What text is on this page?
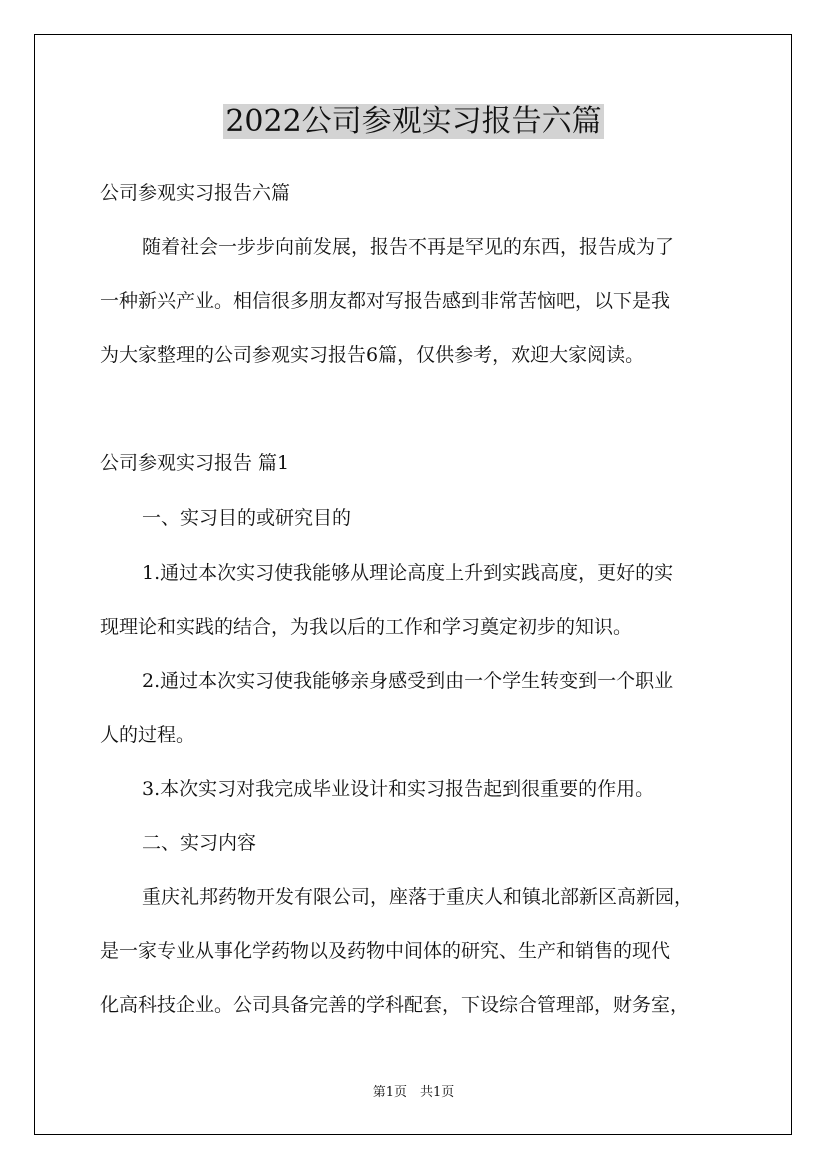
2022公司参观实习报告六篇
公司参观实习报告六篇
随着社会一步步向前发展，报告不再是罕见的东西，报告成为了
一种新兴产业。相信很多朋友都对写报告感到非常苦恼吧，以下是我
为大家整理的公司参观实习报告6篇，仅供参考，欢迎大家阅读。
公司参观实习报告 篇1
一、实习目的或研究目的
1.通过本次实习使我能够从理论高度上升到实践高度，更好的实
现理论和实践的结合，为我以后的工作和学习奠定初步的知识。
2.通过本次实习使我能够亲身感受到由一个学生转变到一个职业
人的过程。
3.本次实习对我完成毕业设计和实习报告起到很重要的作用。
二、实习内容
重庆礼邦药物开发有限公司，座落于重庆人和镇北部新区高新园，
是一家专业从事化学药物以及药物中间体的研究、生产和销售的现代
化高科技企业。公司具备完善的学科配套，下设综合管理部，财务室，
第1页　共1页
